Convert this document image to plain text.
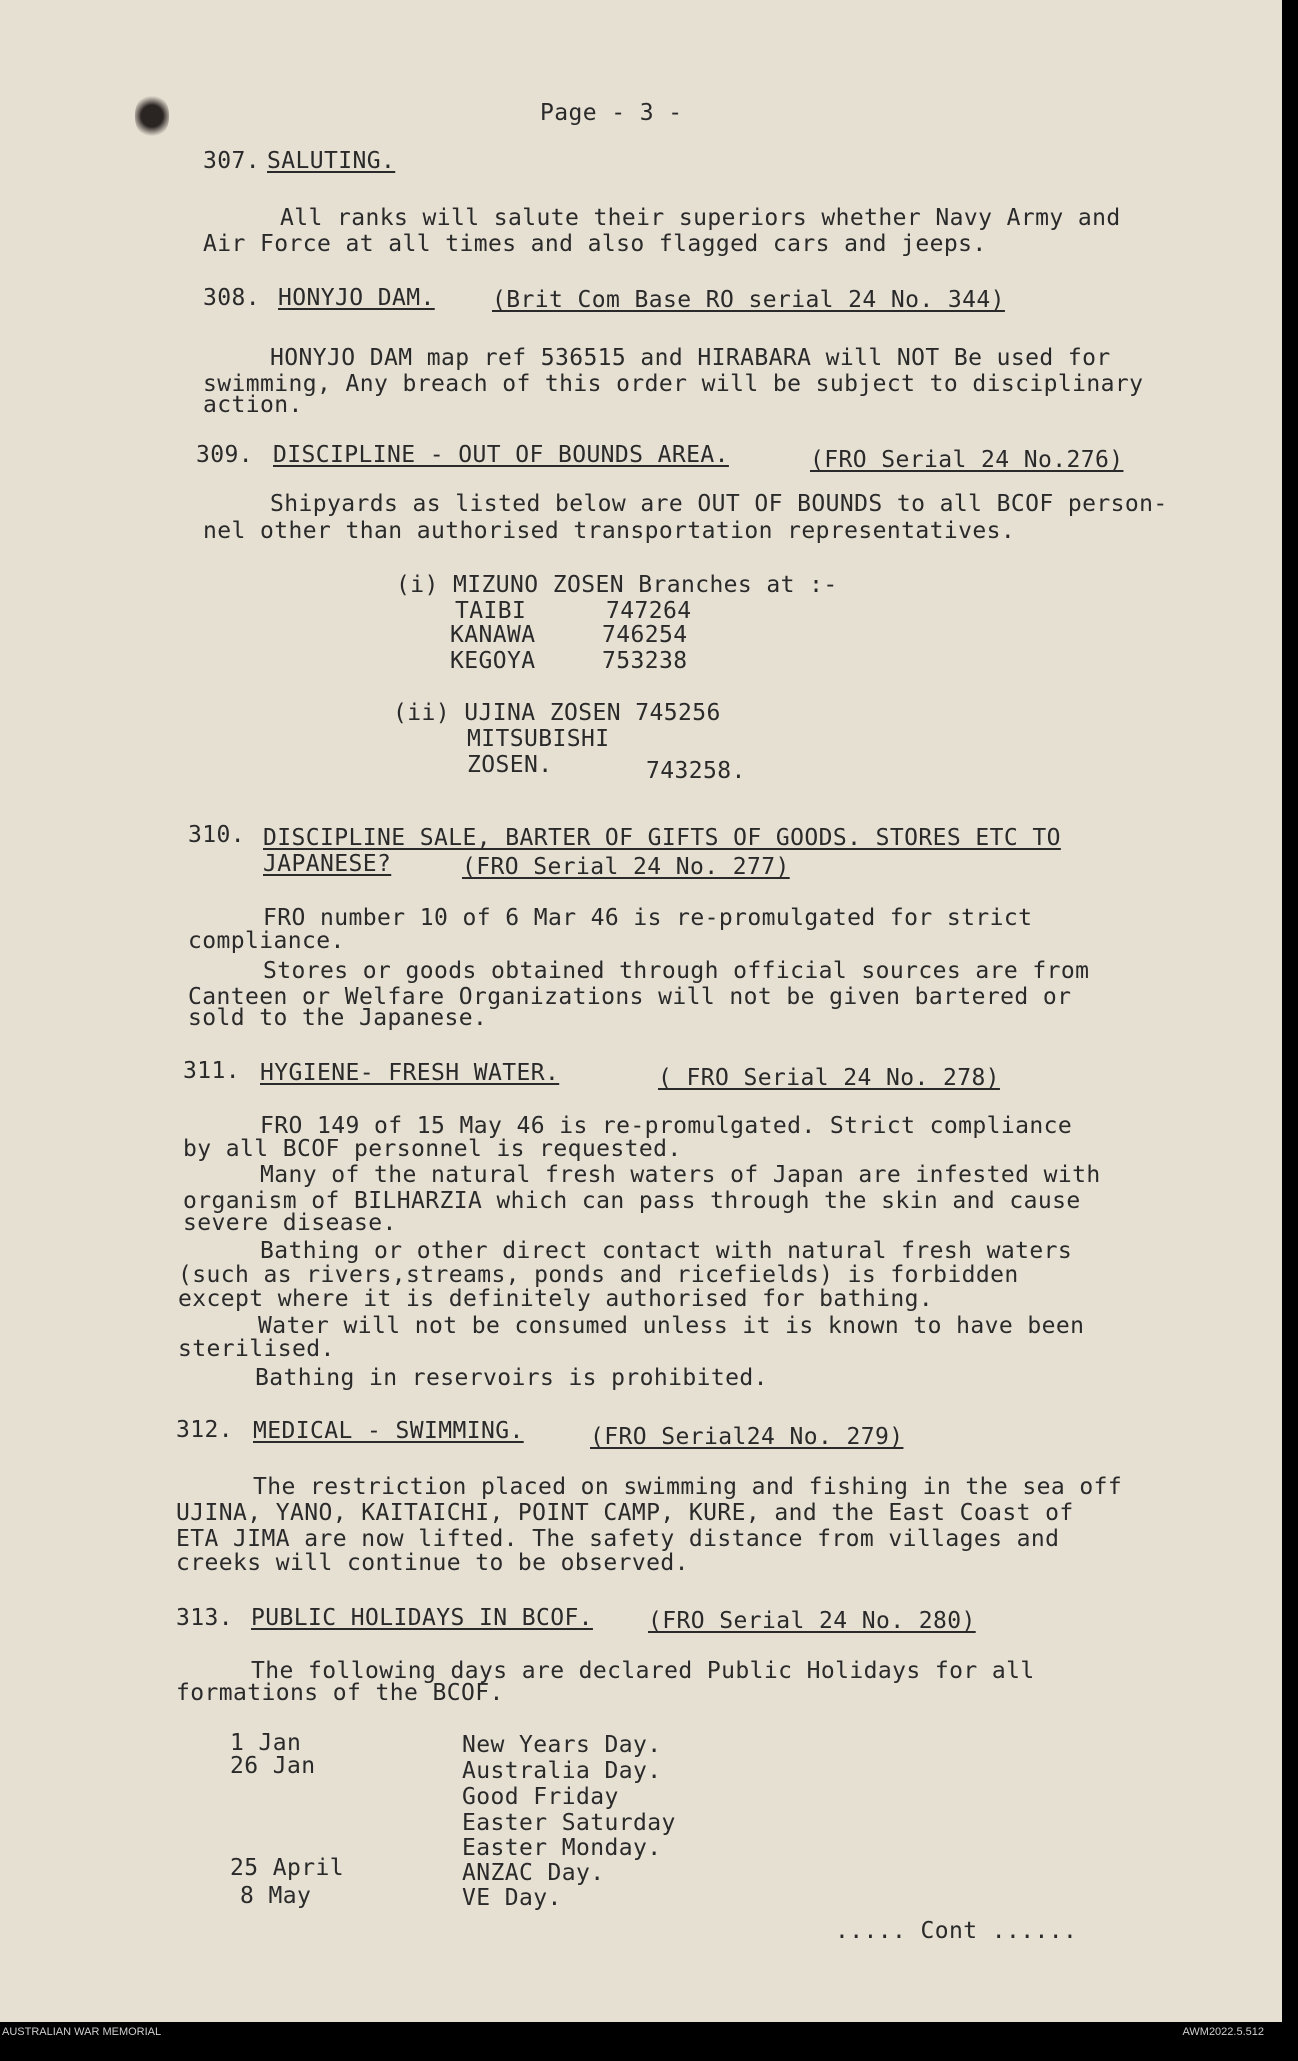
Page - 3 -
307. SALUTING.
All ranks will salute their superiors whether Navy Army and
Air Force at all times and also flagged cars and jeeps.
308. HONYJO DAM. (Brit Com Base RO serial 24 No. 344)
HONYJO DAM map ref 536515 and HIRABARA will NOT Be used for
swimming, Any breach of this order will be subject to disciplinary
action.
309. DISCIPLINE - OUT OF BOUNDS AREA.	(FRO Serial 24 No.276)
Shipyards as listed below are OUT OF BOUNDS to all BCOF person-
nel other than authorised transportation representatives.
(i) MIZUNO ZOSEN Branches at :-
TAIBI	747264
KANAWA	746254
KEGOYA	753238
(ii) UJINA ZOSEN 745256
MITSUBISHI
ZOSEN.	743258.
310. DISCIPLINE SALE, BARTER OF GIFTS OF GOODS. STORES ETC TO
JAPANESE?	(FRO Serial 24 No. 277)
FRO number 10 of 6 Mar 46 is re-promulgated for strict
compliance.
Stores or goods obtained through official sources are from
Canteen or Welfare Organizations will not be given bartered or
sold to the Japanese.
311. HYGIENE- FRESH WATER.	( FRO Serial 24 No. 278)
FRO 149 of 15 May 46 is re-promulgated. Strict compliance
by all BCOF personnel is requested.
Many of the natural fresh waters of Japan are infested with
organism of BILHARZIA which can pass through the skin and cause
severe disease.
Bathing or other direct contact with natural fresh waters
(such as rivers,streams, ponds and ricefields) is forbidden
except where it is definitely authorised for bathing.
Water will not be consumed unless it is known to have been
sterilised.
Bathing in reservoirs is prohibited.
312. MEDICAL - SWIMMING.	(FRO Serial24 No. 279)
The restriction placed on swimming and fishing in the sea off
UJINA, YANO, KAITAICHI, POINT CAMP, KURE, and the East Coast of
ETA JIMA are now lifted. The safety distance from villages and
creeks will continue to be observed.
313. PUBLIC HOLIDAYS IN BCOF. (FRO Serial 24 No. 280)
The following days are declared Public Holidays for all
formations of the BCOF.
1 Jan	New Years Day.
26 Jan	Australia Day.
Good Friday
Easter Saturday
Easter Monday.
25 April	ANZAC Day.
8 May	VE Day.
..... Cont ......
AUSTRALIAN WAR MEMORIAL	AWM2022.5.512
